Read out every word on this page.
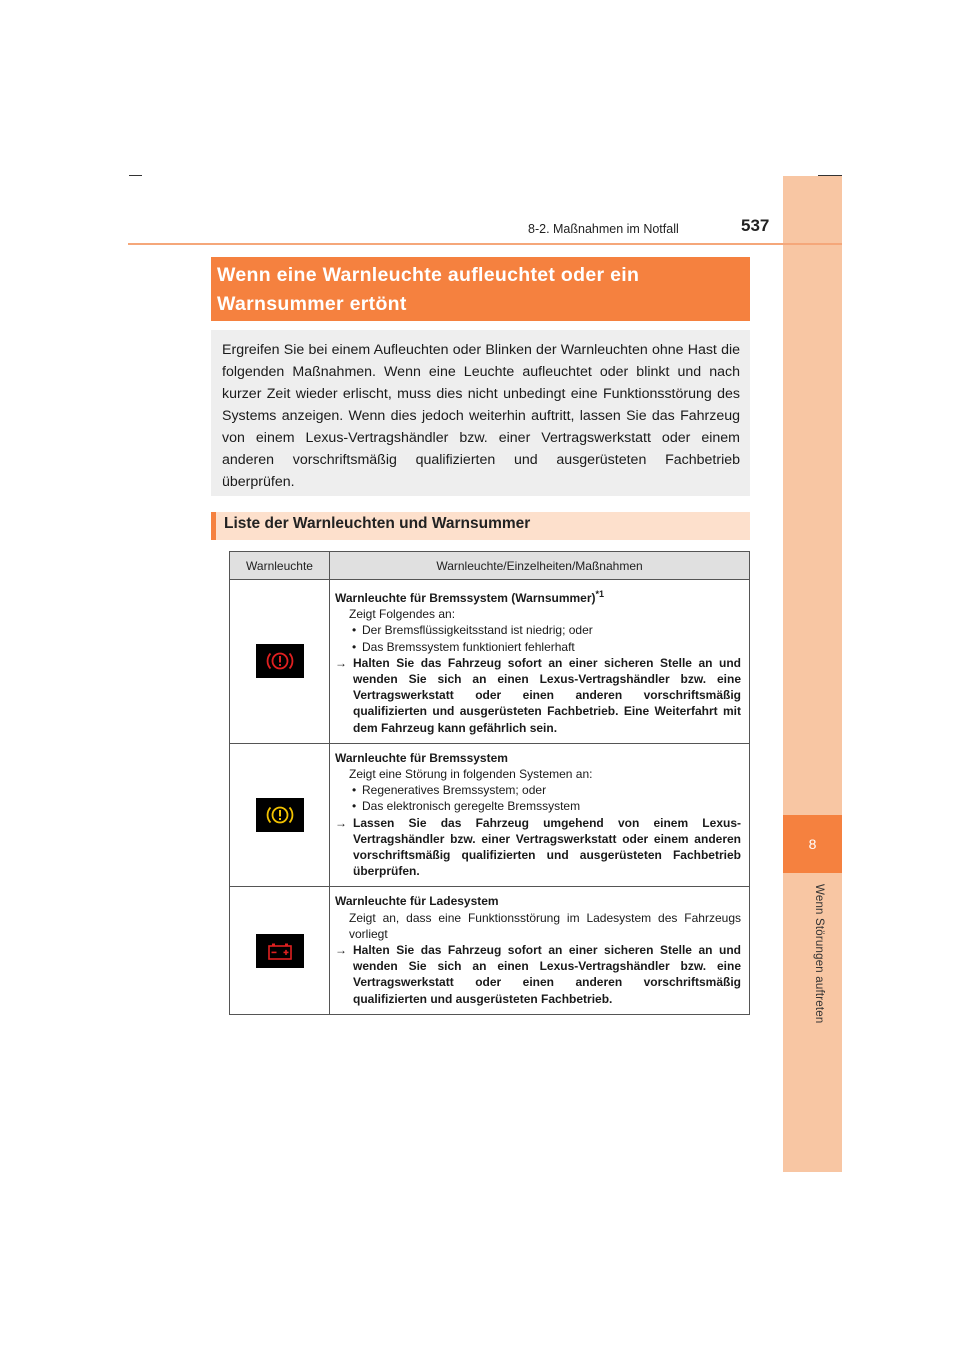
8
Wenn Störungen auftreten
8-2. Maßnahmen im Notfall	537
Wenn eine Warnleuchte aufleuchtet oder ein Warnsummer ertönt
Ergreifen Sie bei einem Aufleuchten oder Blinken der Warnleuchten ohne Hast die folgenden Maßnahmen. Wenn eine Leuchte aufleuchtet oder blinkt und nach kurzer Zeit wieder erlischt, muss dies nicht unbedingt eine Funktionsstörung des Systems anzeigen. Wenn dies jedoch weiterhin auftritt, lassen Sie das Fahrzeug von einem Lexus-Vertragshändler bzw. einer Vertragswerkstatt oder einem anderen vorschriftsmäßig qualifizierten und ausgerüsteten Fachbetrieb überprüfen.
Liste der Warnleuchten und Warnsummer
Warnleuchte	Warnleuchte/Einzelheiten/Maßnahmen

Warnleuchte für Bremssystem (Warnsummer)$^{*1}$
Zeigt Folgendes an:
• Der Bremsflüssigkeitsstand ist niedrig; oder
• Das Bremssystem funktioniert fehlerhaft
→ Halten Sie das Fahrzeug sofort an einer sicheren Stelle an und wenden Sie sich an einen Lexus-Vertragshändler bzw. eine Vertragswerkstatt oder einen anderen vorschriftsmäßig qualifizierten und ausgerüsteten Fachbetrieb. Eine Weiterfahrt mit dem Fahrzeug kann gefährlich sein.

Warnleuchte für Bremssystem
Zeigt eine Störung in folgenden Systemen an:
• Regeneratives Bremssystem; oder
• Das elektronisch geregelte Bremssystem
→ Lassen Sie das Fahrzeug umgehend von einem Lexus-Vertragshändler bzw. einer Vertragswerkstatt oder einem anderen vorschriftsmäßig qualifizierten und ausgerüsteten Fachbetrieb überprüfen.

Warnleuchte für Ladesystem
Zeigt an, dass eine Funktionsstörung im Ladesystem des Fahrzeugs vorliegt
→ Halten Sie das Fahrzeug sofort an einer sicheren Stelle an und wenden Sie sich an einen Lexus-Vertragshändler bzw. eine Vertragswerkstatt oder einen anderen vorschriftsmäßig qualifizierten und ausgerüsteten Fachbetrieb.
